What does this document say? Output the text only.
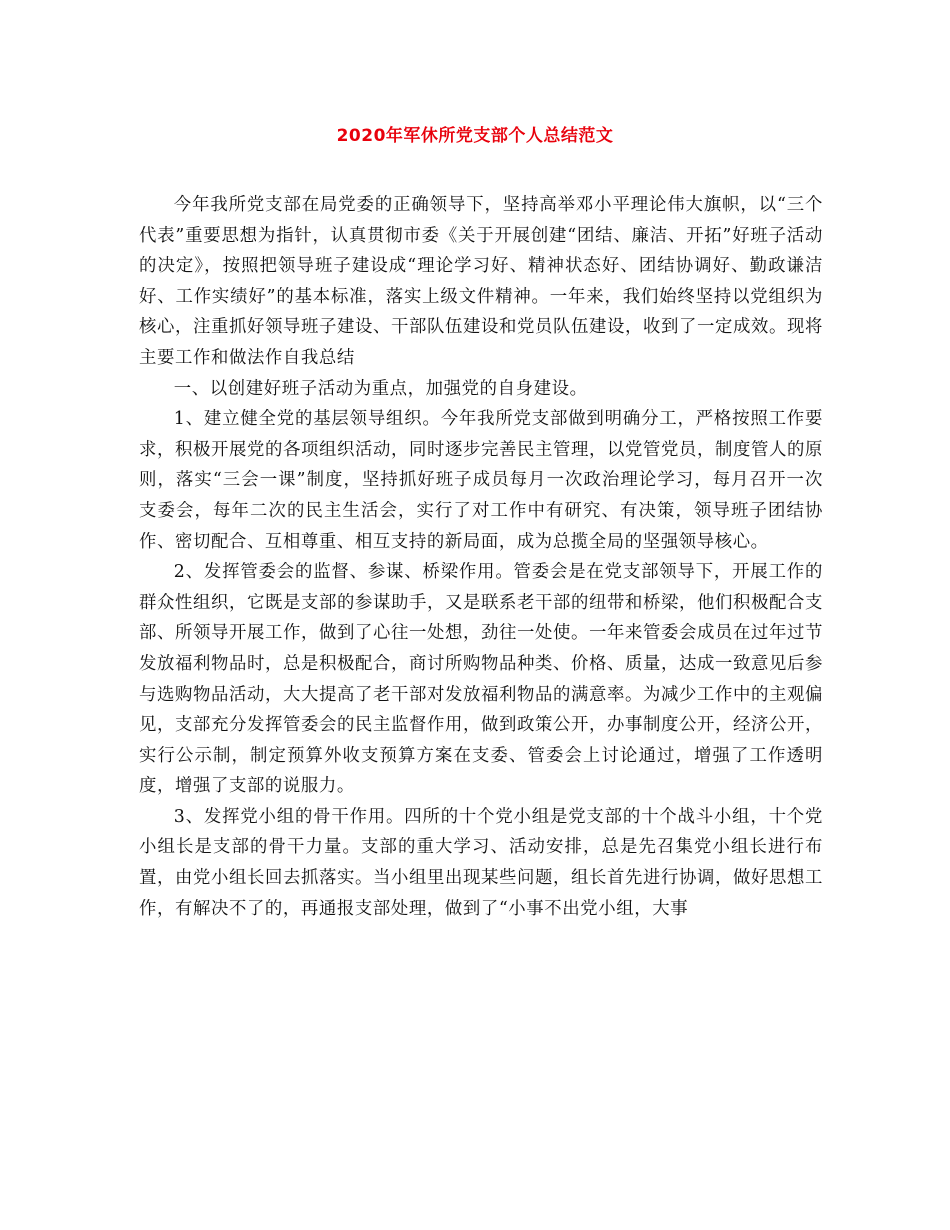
2020年军休所党支部个人总结范文

今年我所党支部在局党委的正确领导下，坚持高举邓小平理论伟大旗帜，以“三个代表”重要思想为指针，认真贯彻市委《关于开展创建“团结、廉洁、开拓”好班子活动的决定》，按照把领导班子建设成“理论学习好、精神状态好、团结协调好、勤政谦洁好、工作实绩好”的基本标准，落实上级文件精神。一年来，我们始终坚持以党组织为核心，注重抓好领导班子建设、干部队伍建设和党员队伍建设，收到了一定成效。现将主要工作和做法作自我总结

一、以创建好班子活动为重点，加强党的自身建设。

1、建立健全党的基层领导组织。今年我所党支部做到明确分工，严格按照工作要求，积极开展党的各项组织活动，同时逐步完善民主管理，以党管党员，制度管人的原则，落实“三会一课”制度，坚持抓好班子成员每月一次政治理论学习，每月召开一次支委会，每年二次的民主生活会，实行了对工作中有研究、有决策，领导班子团结协作、密切配合、互相尊重、相互支持的新局面，成为总揽全局的坚强领导核心。

2、发挥管委会的监督、参谋、桥梁作用。管委会是在党支部领导下，开展工作的群众性组织，它既是支部的参谋助手，又是联系老干部的纽带和桥梁，他们积极配合支部、所领导开展工作，做到了心往一处想，劲往一处使。一年来管委会成员在过年过节发放福利物品时，总是积极配合，商讨所购物品种类、价格、质量，达成一致意见后参与选购物品活动，大大提高了老干部对发放福利物品的满意率。为减少工作中的主观偏见，支部充分发挥管委会的民主监督作用，做到政策公开，办事制度公开，经济公开，实行公示制，制定预算外收支预算方案在支委、管委会上讨论通过，增强了工作透明度，增强了支部的说服力。

3、发挥党小组的骨干作用。四所的十个党小组是党支部的十个战斗小组，十个党小组长是支部的骨干力量。支部的重大学习、活动安排，总是先召集党小组长进行布置，由党小组长回去抓落实。当小组里出现某些问题，组长首先进行协调，做好思想工作，有解决不了的，再通报支部处理，做到了“小事不出党小组，大事
